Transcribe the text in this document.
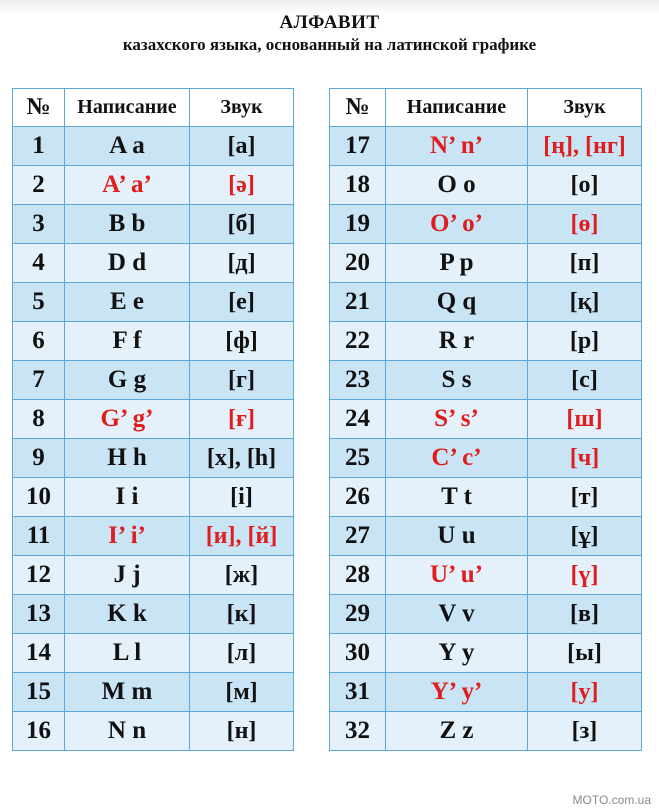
АЛФАВИТ
казахского языка, основанный на латинской графике
№	Написание	Звук
1	A a	[a]
2	A’ a’	[ə]
3	B b	[б]
4	D d	[д]
5	E e	[e]
6	F f	[ф]
7	G g	[г]
8	G’ g’	[ғ]
9	H h	[x], [h]
10	I i	[i]
11	I’ i’	[и], [й]
12	J j	[ж]
13	K k	[к]
14	L l	[л]
15	M m	[м]
16	N n	[н]
№	Написание	Звук
17	N’ n’	[ң], [нг]
18	O o	[o]
19	O’ o’	[ө]
20	P p	[п]
21	Q q	[қ]
22	R r	[p]
23	S s	[c]
24	S’ s’	[ш]
25	C’ c’	[ч]
26	T t	[т]
27	U u	[ұ]
28	U’ u’	[ү]
29	V v	[в]
30	Y y	[ы]
31	Y’ y’	[у]
32	Z z	[з]
MOTO.com.ua
